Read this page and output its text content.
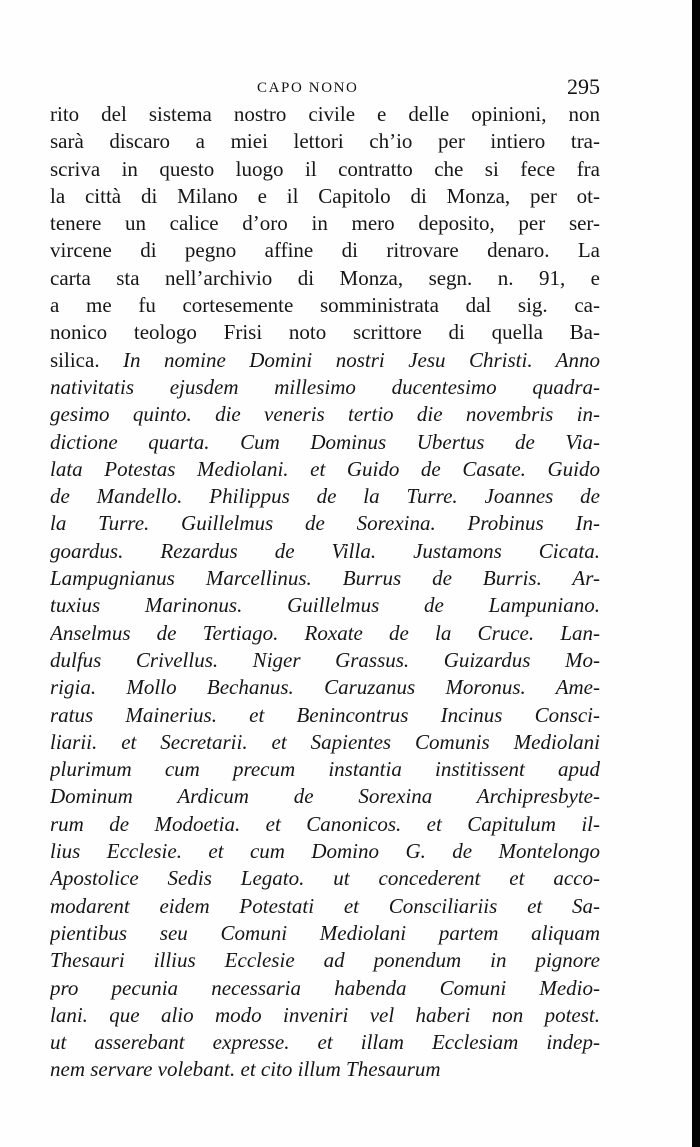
CAPO NONO	295
rito del sistema nostro civile e delle opinioni, non
sarà discaro a miei lettori ch’io per intiero tra-
scriva in questo luogo il contratto che si fece fra
la città di Milano e il Capitolo di Monza, per ot-
tenere un calice d’oro in mero deposito, per ser-
vircene di pegno affine di ritrovare denaro. La
carta sta nell’archivio di Monza, segn. n. 91, e
a me fu cortesemente somministrata dal sig. ca-
nonico teologo Frisi noto scrittore di quella Ba-
silica. In nomine Domini nostri Jesu Christi. Anno
nativitatis ejusdem millesimo ducentesimo quadra-
gesimo quinto. die veneris tertio die novembris in-
dictione quarta. Cum Dominus Ubertus de Via-
lata Potestas Mediolani. et Guido de Casate. Guido
de Mandello. Philippus de la Turre. Joannes de
la Turre. Guillelmus de Sorexina. Probinus In-
goardus. Rezardus de Villa. Justamons Cicata.
Lampugnianus Marcellinus. Burrus de Burris. Ar-
tuxius Marinonus. Guillelmus de Lampuniano.
Anselmus de Tertiago. Roxate de la Cruce. Lan-
dulfus Crivellus. Niger Grassus. Guizardus Mo-
rigia. Mollo Bechanus. Caruzanus Moronus. Ame-
ratus Mainerius. et Benincontrus Incinus Consci-
liarii. et Secretarii. et Sapientes Comunis Mediolani
plurimum cum precum instantia institissent apud
Dominum Ardicum de Sorexina Archipresbyte-
rum de Modoetia. et Canonicos. et Capitulum il-
lius Ecclesie. et cum Domino G. de Montelongo
Apostolice Sedis Legato. ut concederent et acco-
modarent eidem Potestati et Consciliariis et Sa-
pientibus seu Comuni Mediolani partem aliquam
Thesauri illius Ecclesie ad ponendum in pignore
pro pecunia necessaria habenda Comuni Medio-
lani. que alio modo inveniri vel haberi non potest.
ut asserebant expresse. et illam Ecclesiam indep-
nem servare volebant. et cito illum Thesaurum
